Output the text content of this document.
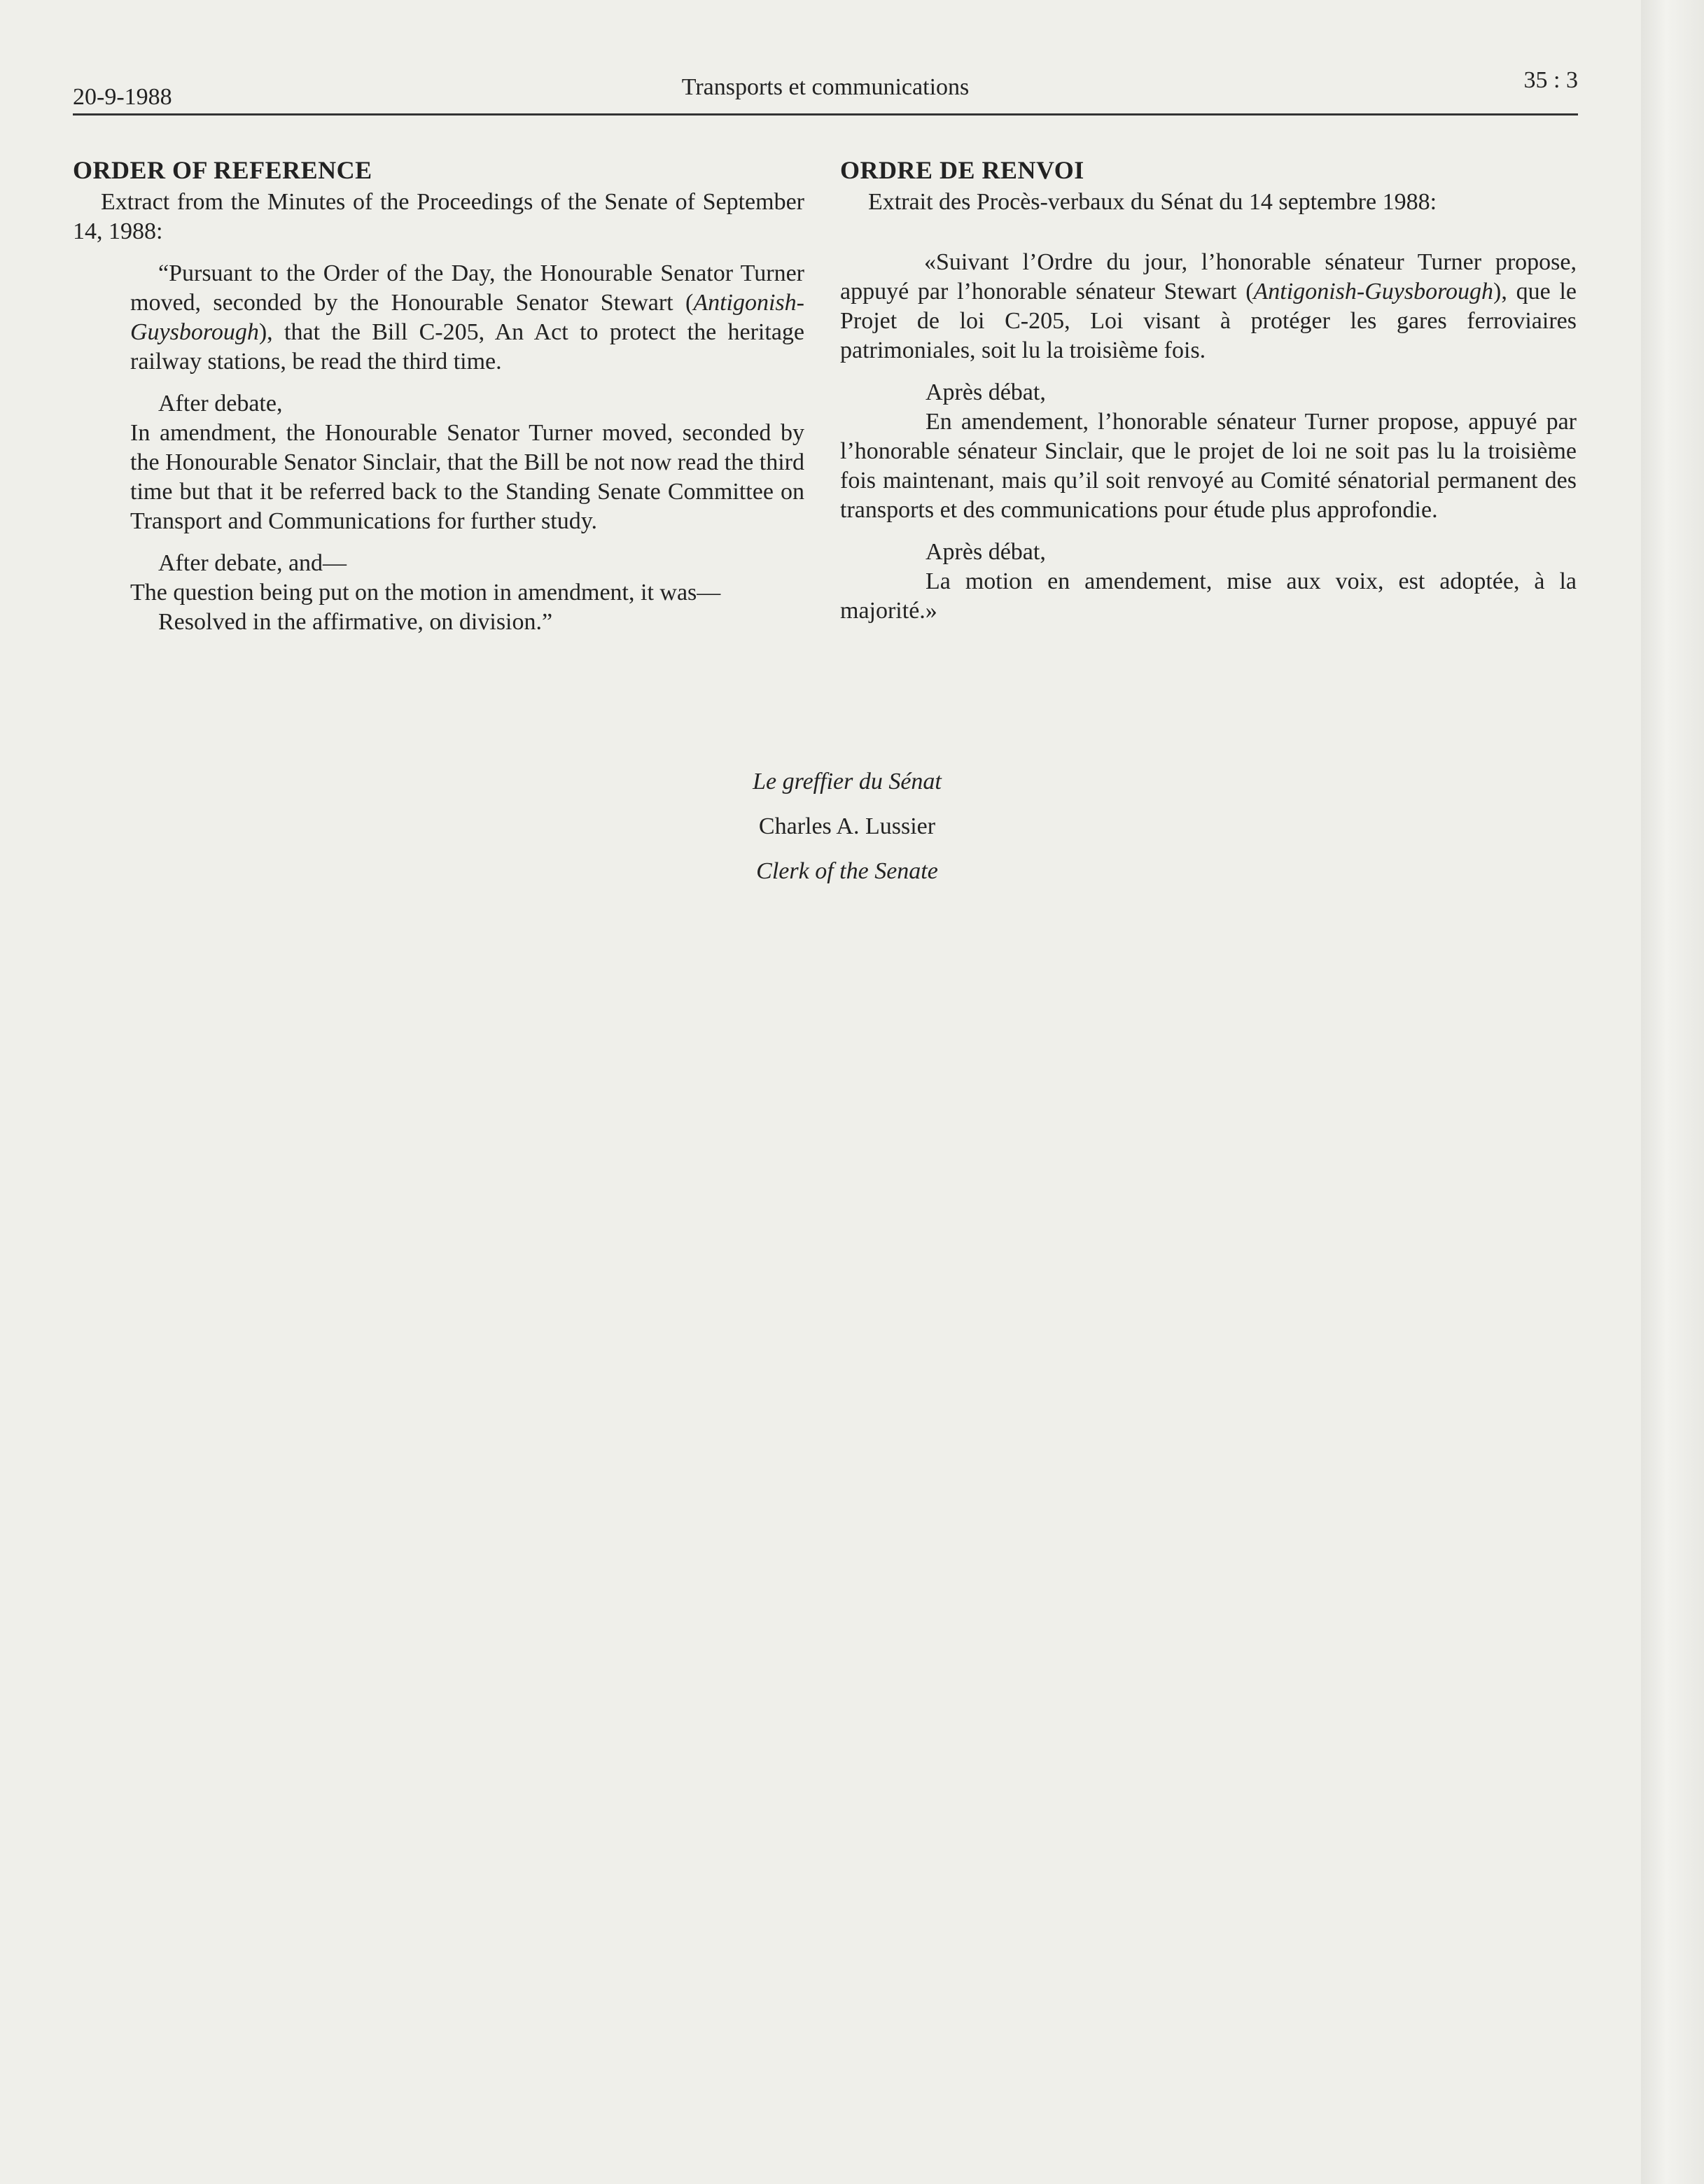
20-9-1988	Transports et communications	35 : 3
ORDER OF REFERENCE

Extract from the Minutes of the Proceedings of the Senate of September 14, 1988:

“Pursuant to the Order of the Day, the Honourable Senator Turner moved, seconded by the Honourable Senator Stewart (Antigonish-Guysborough), that the Bill C-205, An Act to protect the heritage railway stations, be read the third time.

After debate,

In amendment, the Honourable Senator Turner moved, seconded by the Honourable Senator Sinclair, that the Bill be not now read the third time but that it be referred back to the Standing Senate Committee on Transport and Communications for further study.

After debate, and—

The question being put on the motion in amendment, it was—

Resolved in the affirmative, on division.”

ORDRE DE RENVOI

Extrait des Procès-verbaux du Sénat du 14 septembre 1988:

«Suivant l’Ordre du jour, l’honorable sénateur Turner propose, appuyé par l’honorable sénateur Stewart (Antigonish-Guysborough), que le Projet de loi C-205, Loi visant à protéger les gares ferroviaires patrimoniales, soit lu la troisième fois.

Après débat,

En amendement, l’honorable sénateur Turner propose, appuyé par l’honorable sénateur Sinclair, que le projet de loi ne soit pas lu la troisième fois maintenant, mais qu’il soit renvoyé au Comité sénatorial permanent des transports et des communications pour étude plus approfondie.

Après débat,

La motion en amendement, mise aux voix, est adoptée, à la majorité.»

Le greffier du Sénat
Charles A. Lussier
Clerk of the Senate
